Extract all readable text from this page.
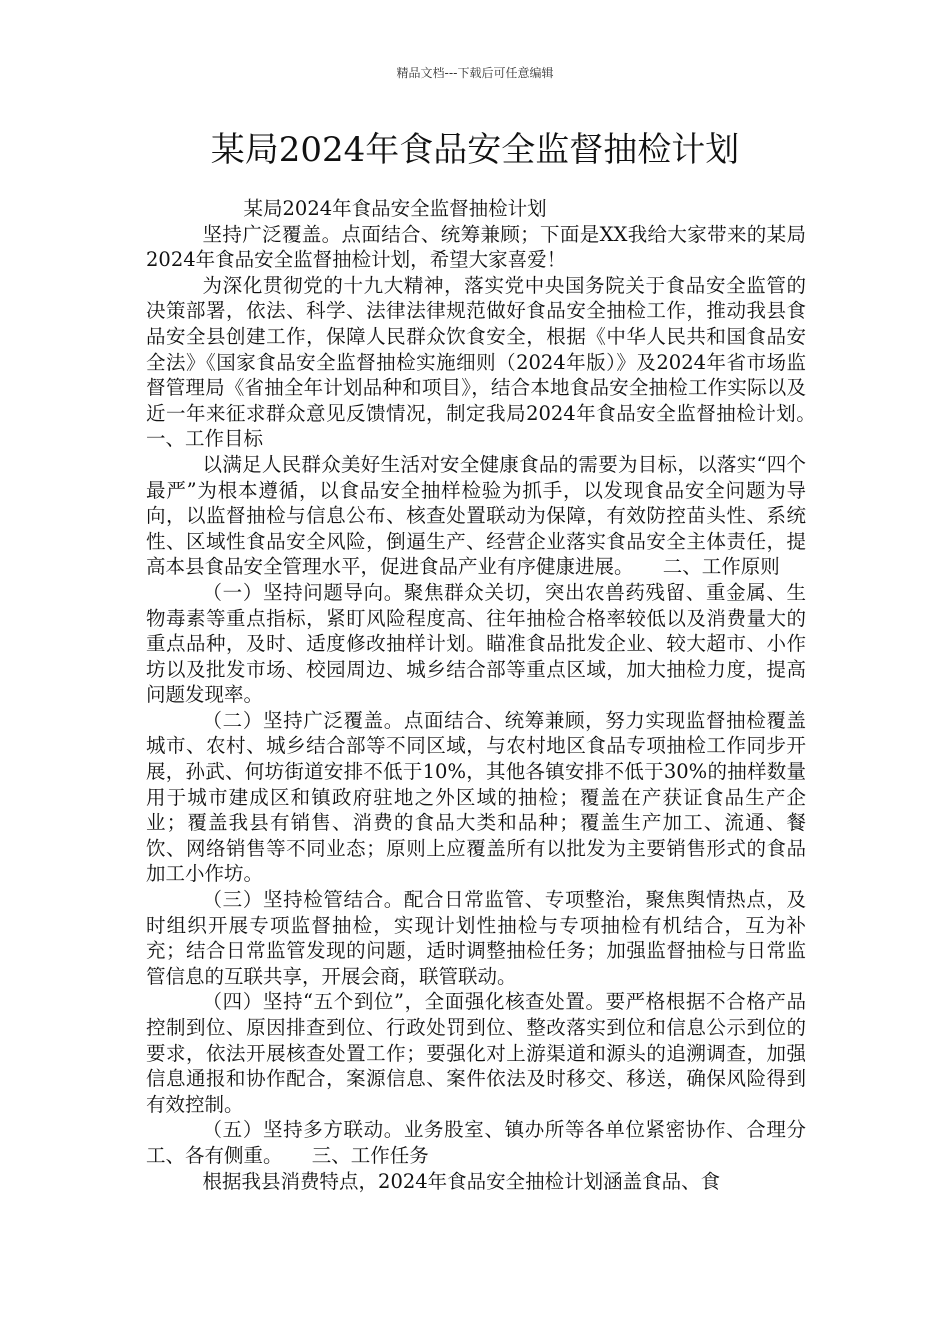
精品文档---下载后可任意编辑
某局2024年食品安全监督抽检计划

某局2024年食品安全监督抽检计划

坚持广泛覆盖。点面结合、统筹兼顾；下面是XX我给大家带来的某局2024年食品安全监督抽检计划，希望大家喜爱！

为深化贯彻党的十九大精神，落实党中央国务院关于食品安全监管的决策部署，依法、科学、法律法律规范做好食品安全抽检工作，推动我县食品安全县创建工作，保障人民群众饮食安全，根据《中华人民共和国食品安全法》《国家食品安全监督抽检实施细则（2024年版）》及2024年省市场监督管理局《省抽全年计划品种和项目》，结合本地食品安全抽检工作实际以及近一年来征求群众意见反馈情况，制定我局2024年食品安全监督抽检计划。　　一、工作目标

以满足人民群众美好生活对安全健康食品的需要为目标，以落实“四个最严”为根本遵循，以食品安全抽样检验为抓手，以发现食品安全问题为导向，以监督抽检与信息公布、核查处置联动为保障，有效防控苗头性、系统性、区域性食品安全风险，倒逼生产、经营企业落实食品安全主体责任，提高本县食品安全管理水平，促进食品产业有序健康进展。　　二、工作原则

（一）坚持问题导向。聚焦群众关切，突出农兽药残留、重金属、生物毒素等重点指标，紧盯风险程度高、往年抽检合格率较低以及消费量大的重点品种，及时、适度修改抽样计划。瞄准食品批发企业、较大超市、小作坊以及批发市场、校园周边、城乡结合部等重点区域，加大抽检力度，提高问题发现率。

（二）坚持广泛覆盖。点面结合、统筹兼顾，努力实现监督抽检覆盖城市、农村、城乡结合部等不同区域，与农村地区食品专项抽检工作同步开展，孙武、何坊街道安排不低于10%，其他各镇安排不低于30%的抽样数量用于城市建成区和镇政府驻地之外区域的抽检；覆盖在产获证食品生产企业；覆盖我县有销售、消费的食品大类和品种；覆盖生产加工、流通、餐饮、网络销售等不同业态；原则上应覆盖所有以批发为主要销售形式的食品加工小作坊。

（三）坚持检管结合。配合日常监管、专项整治，聚焦舆情热点，及时组织开展专项监督抽检，实现计划性抽检与专项抽检有机结合，互为补充；结合日常监管发现的问题，适时调整抽检任务；加强监督抽检与日常监管信息的互联共享，开展会商，联管联动。

（四）坚持“五个到位”，全面强化核查处置。要严格根据不合格产品控制到位、原因排查到位、行政处罚到位、整改落实到位和信息公示到位的要求，依法开展核查处置工作；要强化对上游渠道和源头的追溯调查，加强信息通报和协作配合，案源信息、案件依法及时移交、移送，确保风险得到有效控制。

（五）坚持多方联动。业务股室、镇办所等各单位紧密协作、合理分工、各有侧重。　　三、工作任务

根据我县消费特点，2024年食品安全抽检计划涵盖食品、食
